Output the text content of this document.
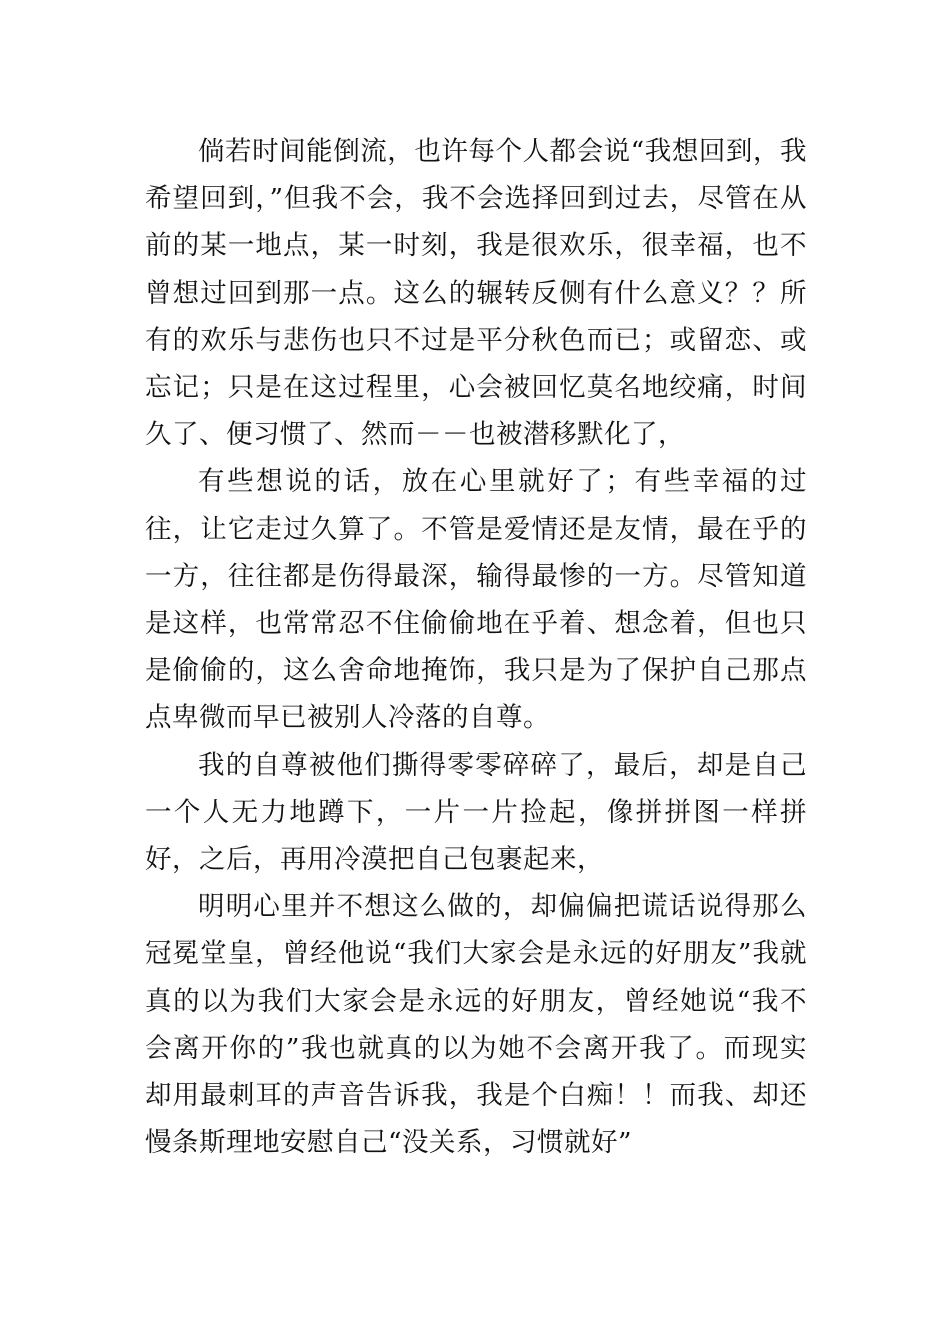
倘若时间能倒流，也许每个人都会说“我想回到，我希望回到，”但我不会，我不会选择回到过去，尽管在从前的某一地点，某一时刻，我是很欢乐，很幸福，也不曾想过回到那一点。这么的辗转反侧有什么意义？？所有的欢乐与悲伤也只不过是平分秋色而已；或留恋、或忘记；只是在这过程里，心会被回忆莫名地绞痛，时间久了、便习惯了、然而－－也被潜移默化了，

有些想说的话，放在心里就好了；有些幸福的过往，让它走过久算了。不管是爱情还是友情，最在乎的一方，往往都是伤得最深，输得最惨的一方。尽管知道是这样，也常常忍不住偷偷地在乎着、想念着，但也只是偷偷的，这么舍命地掩饰，我只是为了保护自己那点点卑微而早已被别人冷落的自尊。

我的自尊被他们撕得零零碎碎了，最后，却是自己一个人无力地蹲下，一片一片捡起，像拼拼图一样拼好，之后，再用冷漠把自己包裹起来，

明明心里并不想这么做的，却偏偏把谎话说得那么冠冕堂皇，曾经他说“我们大家会是永远的好朋友”我就真的以为我们大家会是永远的好朋友，曾经她说“我不会离开你的”我也就真的以为她不会离开我了。而现实却用最刺耳的声音告诉我，我是个白痴！！而我、却还慢条斯理地安慰自己“没关系，习惯就好”
